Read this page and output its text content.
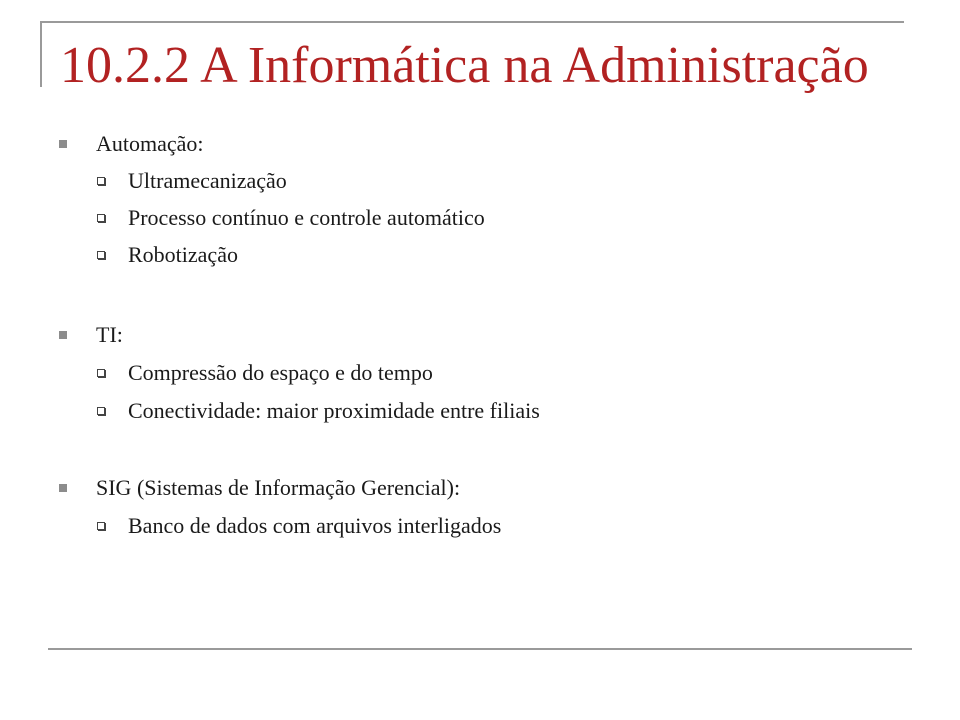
10.2.2 A Informática na Administração
Automação:
Ultramecanização
Processo contínuo e controle automático
Robotização
TI:
Compressão do espaço e do tempo
Conectividade: maior proximidade entre filiais
SIG (Sistemas de Informação Gerencial):
Banco de dados com arquivos interligados
